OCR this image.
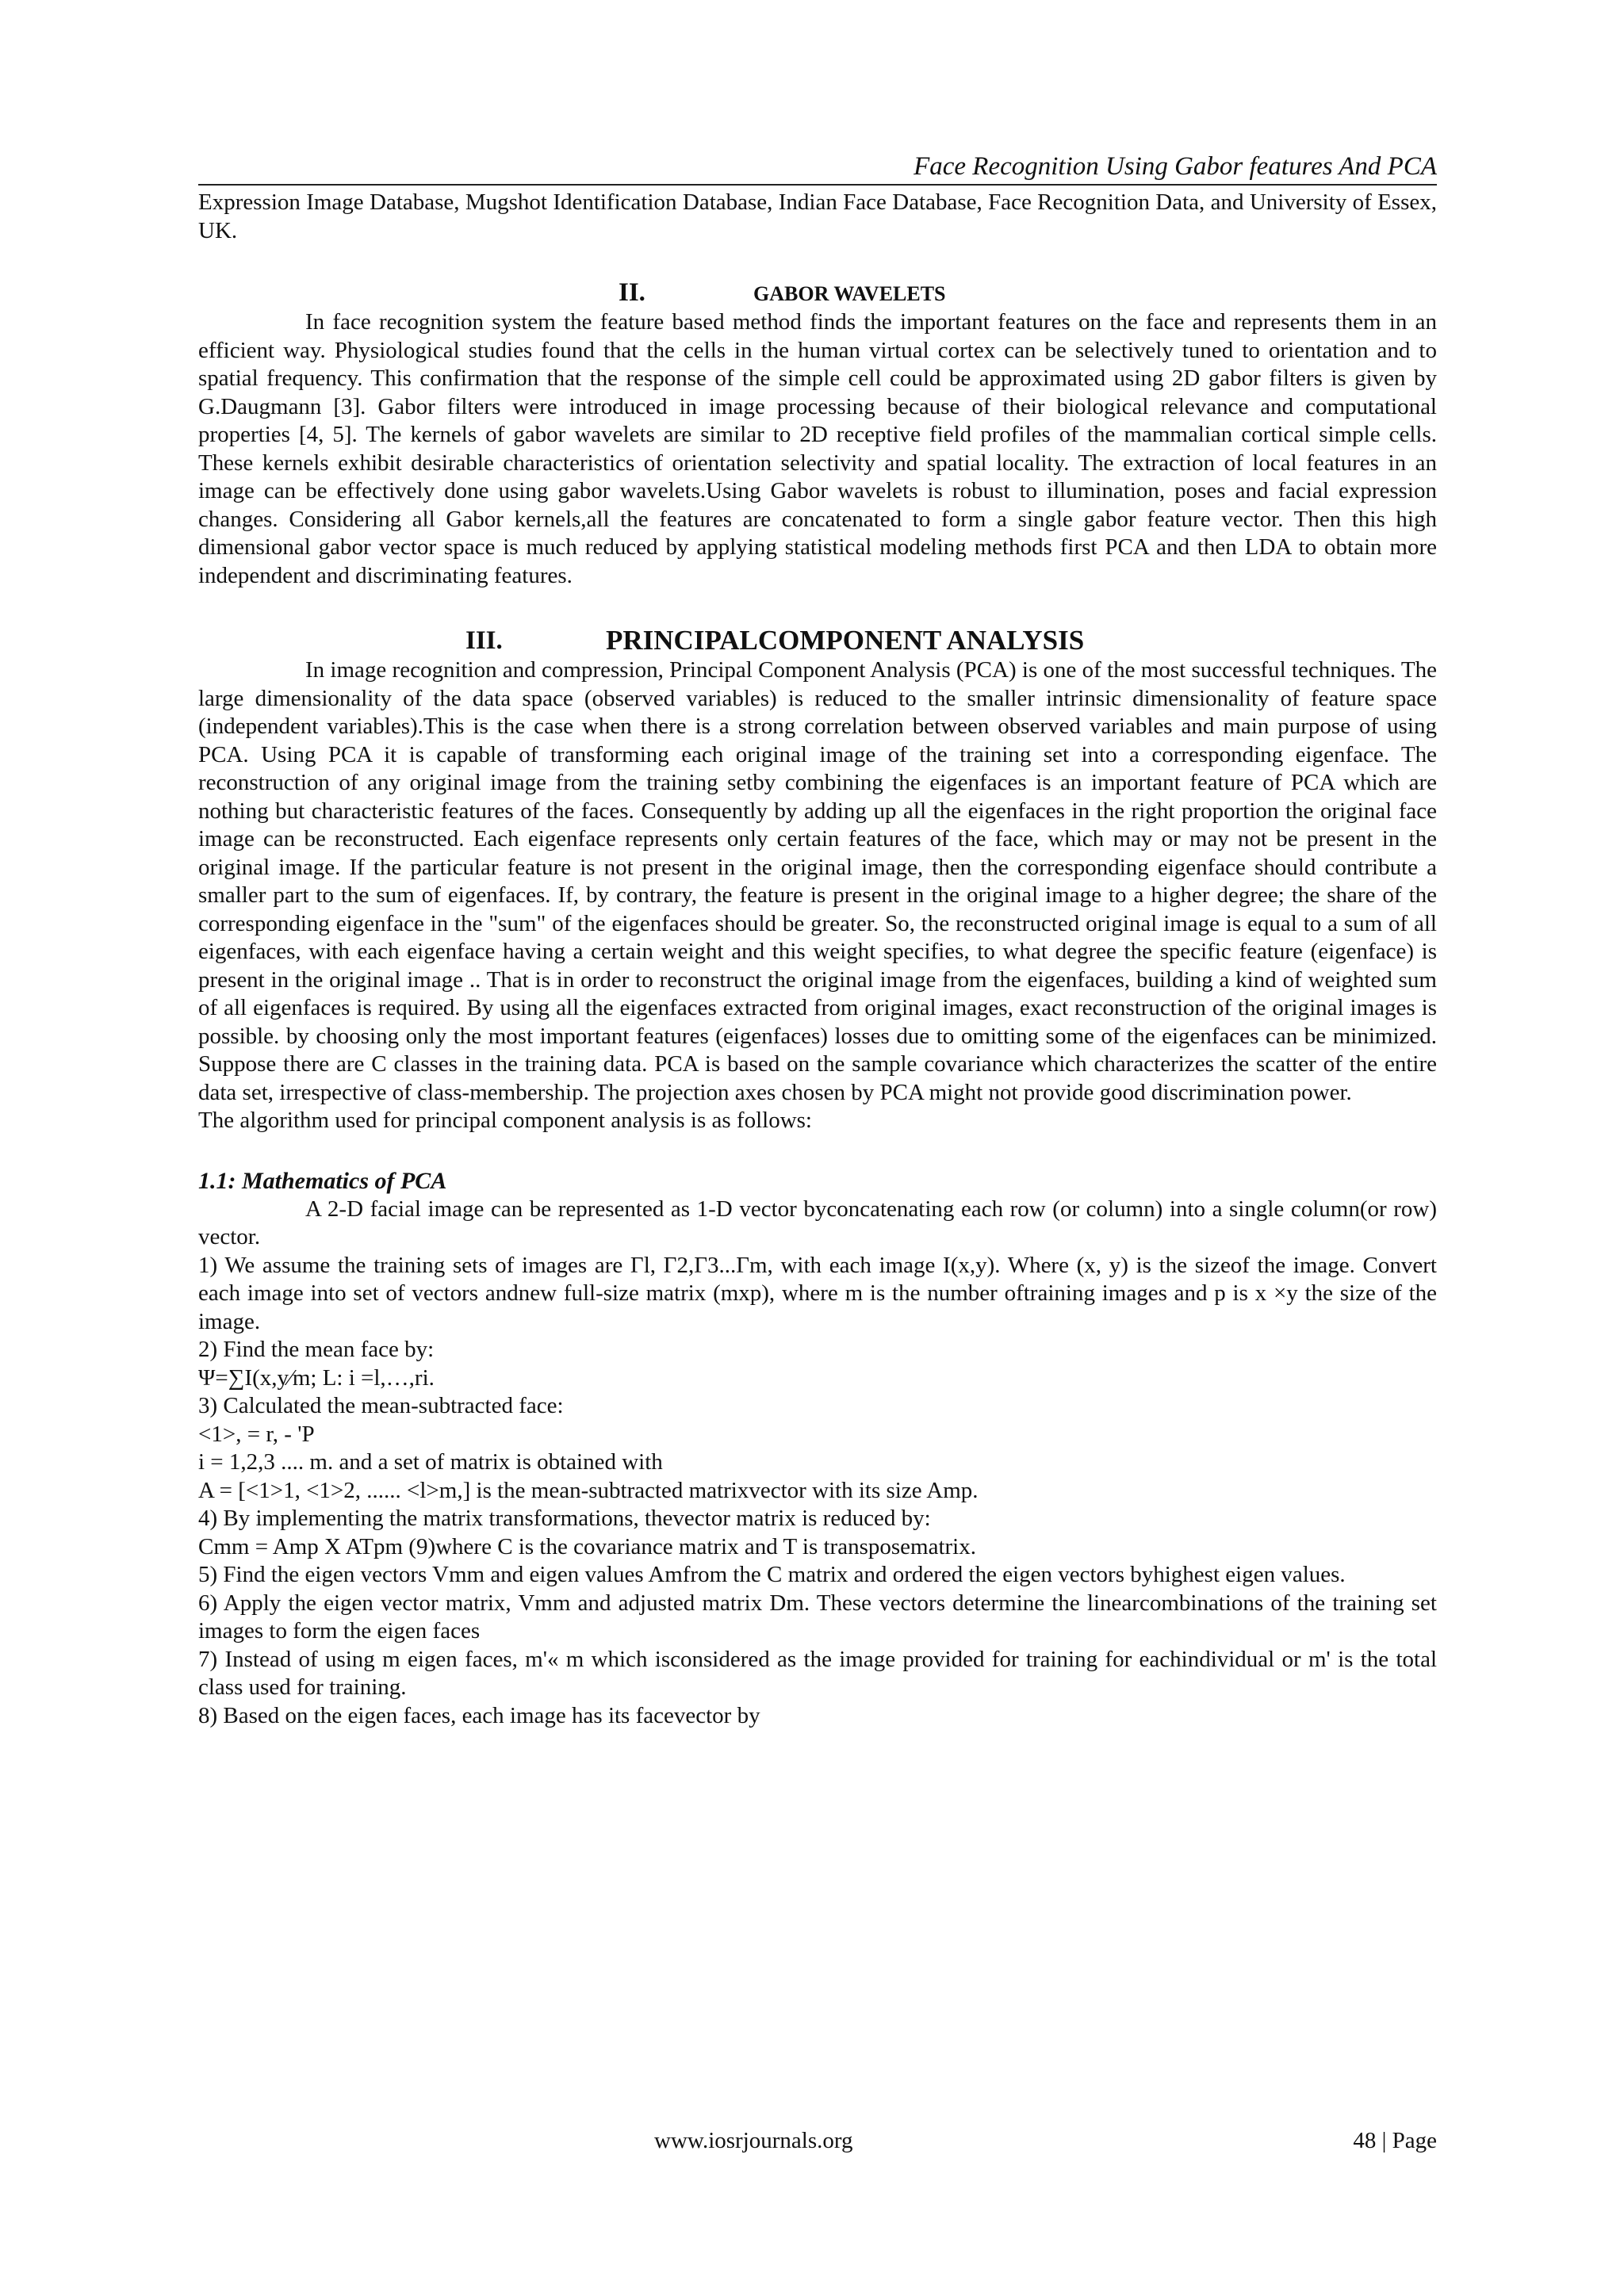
Face Recognition Using Gabor features And PCA

Expression Image Database, Mugshot Identification Database, Indian Face Database, Face Recognition Data, and University of Essex, UK.

II.	GABOR WAVELETS

In face recognition system the feature based method finds the important features on the face and represents them in an efficient way. Physiological studies found that the cells in the human virtual cortex can be selectively tuned to orientation and to spatial frequency. This confirmation that the response of the simple cell could be approximated using 2D gabor filters is given by G.Daugmann [3]. Gabor filters were introduced in image processing because of their biological relevance and computational properties [4, 5]. The kernels of gabor wavelets are similar to 2D receptive field profiles of the mammalian cortical simple cells. These kernels exhibit desirable characteristics of orientation selectivity and spatial locality. The extraction of local features in an image can be effectively done using gabor wavelets.Using Gabor wavelets is robust to illumination, poses and facial expression changes. Considering all Gabor kernels,all the features are concatenated to form a single gabor feature vector. Then this high dimensional gabor vector space is much reduced by applying statistical modeling methods first PCA and then LDA to obtain more independent and discriminating features.

III.	PRINCIPALCOMPONENT ANALYSIS

In image recognition and compression, Principal Component Analysis (PCA) is one of the most successful techniques. The large dimensionality of the data space (observed variables) is reduced to the smaller intrinsic dimensionality of feature space (independent variables).This is the case when there is a strong correlation between observed variables and main purpose of using PCA. Using PCA it is capable of transforming each original image of the training set into a corresponding eigenface. The reconstruction of any original image from the training setby combining the eigenfaces is an important feature of PCA which are nothing but characteristic features of the faces. Consequently by adding up all the eigenfaces in the right proportion the original face image can be reconstructed. Each eigenface represents only certain features of the face, which may or may not be present in the original image. If the particular feature is not present in the original image, then the corresponding eigenface should contribute a smaller part to the sum of eigenfaces. If, by contrary, the feature is present in the original image to a higher degree; the share of the corresponding eigenface in the "sum" of the eigenfaces should be greater. So, the reconstructed original image is equal to a sum of all eigenfaces, with each eigenface having a certain weight and this weight specifies, to what degree the specific feature (eigenface) is present in the original image .. That is in order to reconstruct the original image from the eigenfaces, building a kind of weighted sum of all eigenfaces is required. By using all the eigenfaces extracted from original images, exact reconstruction of the original images is possible. by choosing only the most important features (eigenfaces) losses due to omitting some of the eigenfaces can be minimized. Suppose there are C classes in the training data. PCA is based on the sample covariance which characterizes the scatter of the entire data set, irrespective of class-membership. The projection axes chosen by PCA might not provide good discrimination power.

The algorithm used for principal component analysis is as follows:

1.1: Mathematics of PCA

A 2-D facial image can be represented as 1-D vector byconcatenating each row (or column) into a single column(or row) vector.

1) We assume the training sets of images are Γl, Γ2,Γ3...Γm, with each image I(x,y). Where (x, y) is the sizeof the image. Convert each image into set of vectors andnew full-size matrix (mxp), where m is the number oftraining images and p is x ×y the size of the image.

2) Find the mean face by:

Ψ=∑I(x,y⁄m; L: i =l,…,ri.

3) Calculated the mean-subtracted face:

<1>, = r, - 'P

i = 1,2,3 .... m. and a set of matrix is obtained with

A = [<1>1, <1>2, ...... <l>m,] is the mean-subtracted matrixvector with its size Amp.

4) By implementing the matrix transformations, thevector matrix is reduced by:

Cmm = Amp X ATpm (9)where C is the covariance matrix and T is transposematrix.

5) Find the eigen vectors Vmm and eigen values Amfrom the C matrix and ordered the eigen vectors byhighest eigen values.

6) Apply the eigen vector matrix, Vmm and adjusted matrix Dm. These vectors determine the linearcombinations of the training set images to form the eigen faces

7) Instead of using m eigen faces, m'« m which isconsidered as the image provided for training for eachindividual or m' is the total class used for training.

8) Based on the eigen faces, each image has its facevector by

www.iosrjournals.org	48 | Page
